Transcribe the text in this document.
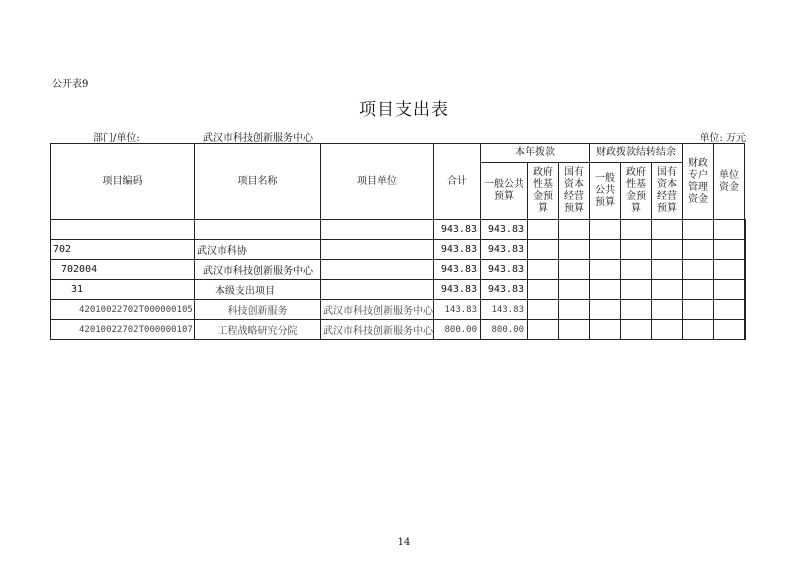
公开表9
项目支出表
部门/单位:	武汉市科技创新服务中心	单位: 万元
项目编码	项目名称	项目单位	合计	本年拨款			财政拨款结转结余			财政专户管理资金	单位资金	
				一般公共预算	政府性基金预算	国有资本经营预算	一般公共预算	政府性基金预算	国有资本经营预算			
			943.83	943.83								
702	武汉市科协		943.83	943.83								
702004	武汉市科技创新服务中心		943.83	943.83								
31	本级支出项目		943.83	943.83								
42010022702T000000105	科技创新服务	武汉市科技创新服务中心	143.83	143.83								
42010022702T000000107	工程战略研究分院	武汉市科技创新服务中心	800.00	800.00								
14
